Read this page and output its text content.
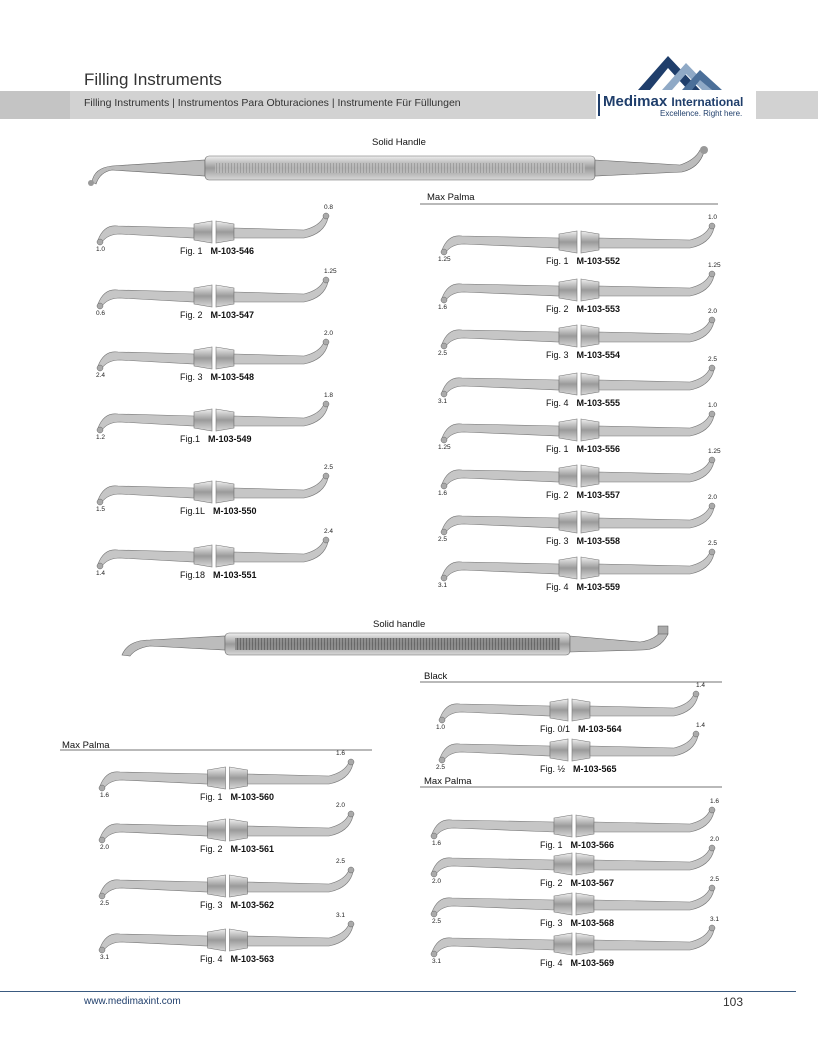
Filling Instruments
Filling Instruments | Instrumentos Para Obturaciones | Instrumente Für Füllungen	Medimax International
Excellence. Right here.
Solid Handle
Max Palma
Solid handle
Black
Max Palma
Max Palma
Fig. 1 M-103-546
1.0
0.8
Fig. 2 M-103-547
0.6
1.25
Fig. 3 M-103-548
2.4
2.0
Fig.1 M-103-549
1.2
1.8
Fig.1L M-103-550
1.5
2.5
Fig.18 M-103-551
1.4
2.4
Fig. 1 M-103-552
1.25
1.0
Fig. 2 M-103-553
1.6
1.25
Fig. 3 M-103-554
2.5
2.0
Fig. 4 M-103-555
3.1
2.5
Fig. 1 M-103-556
1.25
1.0
Fig. 2 M-103-557
1.6
1.25
Fig. 3 M-103-558
2.5
2.0
Fig. 4 M-103-559
3.1
2.5
Fig. 0/1 M-103-564
1.0
1.4
Fig. ½ M-103-565
2.5
1.4
Fig. 1 M-103-560
1.6
1.6
Fig. 2 M-103-561
2.0
2.0
Fig. 3 M-103-562
2.5
2.5
Fig. 4 M-103-563
3.1
3.1
Fig. 1 M-103-566
1.6
1.6
Fig. 2 M-103-567
2.0
2.0
Fig. 3 M-103-568
2.5
2.5
Fig. 4 M-103-569
3.1
3.1
www.medimaxint.com	103
